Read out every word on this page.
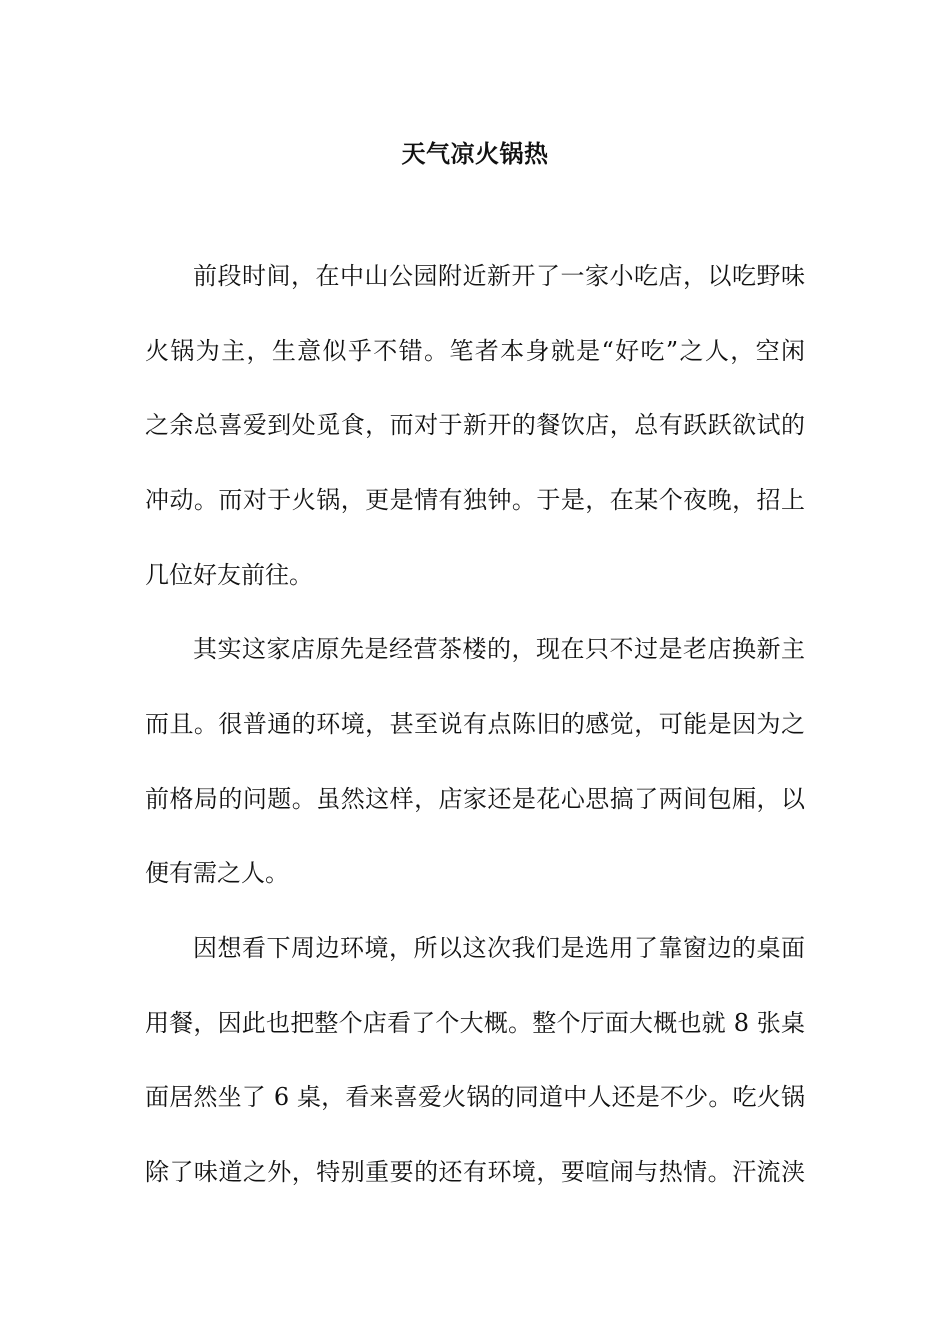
天气凉火锅热
前段时间，在中山公园附近新开了一家小吃店，以吃野味
火锅为主，生意似乎不错。笔者本身就是“好吃”之人，空闲
之余总喜爱到处觅食，而对于新开的餐饮店，总有跃跃欲试的
冲动。而对于火锅，更是情有独钟。于是，在某个夜晚，招上
几位好友前往。
其实这家店原先是经营茶楼的，现在只不过是老店换新主
而且。很普通的环境，甚至说有点陈旧的感觉，可能是因为之
前格局的问题。虽然这样，店家还是花心思搞了两间包厢，以
便有需之人。
因想看下周边环境，所以这次我们是选用了靠窗边的桌面
用餐，因此也把整个店看了个大概。整个厅面大概也就 8 张桌
面居然坐了 6 桌，看来喜爱火锅的同道中人还是不少。吃火锅
除了味道之外，特别重要的还有环境，要喧闹与热情。汗流浃
